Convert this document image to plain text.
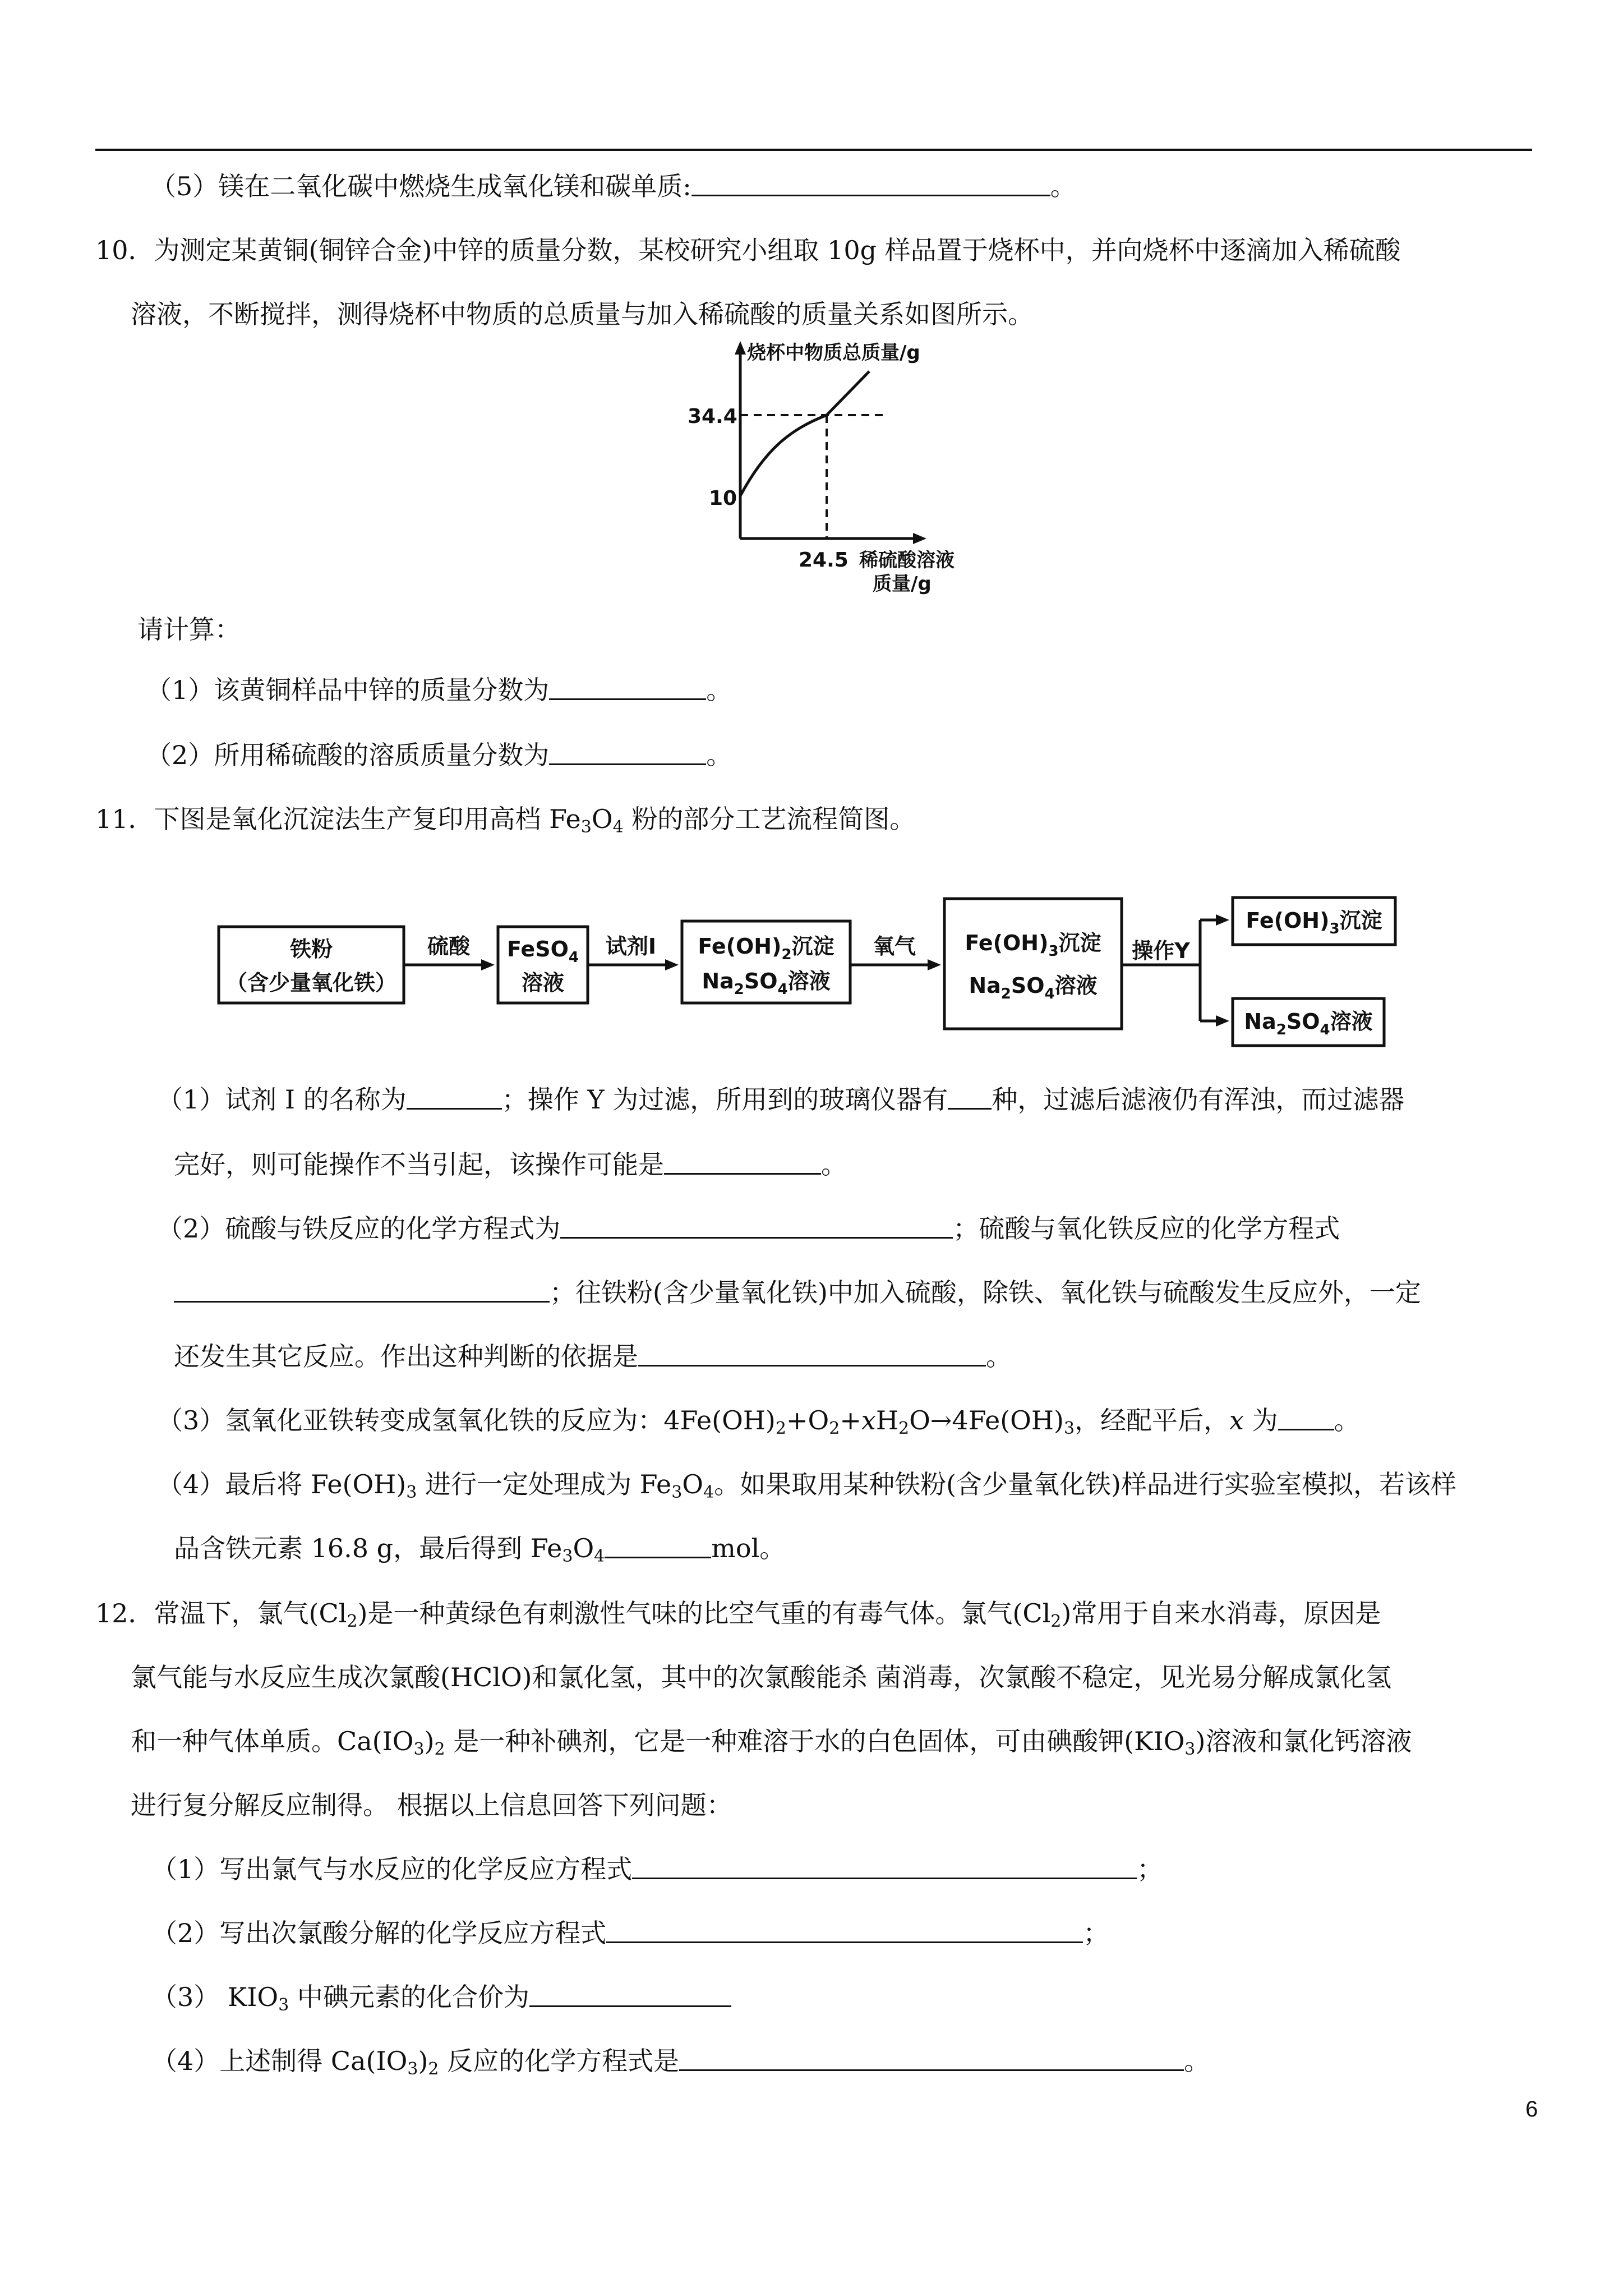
（5）镁在二氧化碳中燃烧生成氧化镁和碳单质:	。
10．为测定某黄铜(铜锌合金)中锌的质量分数，某校研究小组取 10g 样品置于烧杯中，并向烧杯中逐滴加入稀硫酸
溶液，不断搅拌，测得烧杯中物质的总质量与加入稀硫酸的质量关系如图所示。
烧杯中物质总质量/g
34.4
10
24.5 稀硫酸溶液
质量/g
请计算：
（1）该黄铜样品中锌的质量分数为	。
（2）所用稀硫酸的溶质质量分数为	。
11．下图是氧化沉淀法生产复印用高档 $Fe_3O_4$ 粉的部分工艺流程简图。
铁粉
（含少量氧化铁）
硫酸 FeSO$_4$
溶液
试剂I $Fe(OH)_2$沉淀
$Na_2SO_4$溶液
氧气 $Fe(OH)_3$沉淀
$Na_2SO_4$溶液
操作Y
$Fe(OH)_3$沉淀
$Na_2SO_4$溶液
（1）试剂 I 的名称为	；操作 Y 为过滤，所用到的玻璃仪器有 种，过滤后滤液仍有浑浊，而过滤器
完好，则可能操作不当引起，该操作可能是	。
（2）硫酸与铁反应的化学方程式为	；硫酸与氧化铁反应的化学方程式
；往铁粉(含少量氧化铁)中加入硫酸，除铁、氧化铁与硫酸发生反应外，一定
还发生其它反应。作出这种判断的依据是	。
（3）氢氧化亚铁转变成氢氧化铁的反应为：$4Fe(OH)_2+O_2+xH_2O\to 4Fe(OH)_3$，经配平后，x 为 。
（4）最后将 $Fe(OH)_3$ 进行一定处理成为 $Fe_3O_4$。如果取用某种铁粉(含少量氧化铁)样品进行实验室模拟，若该样
品含铁元素 16.8 g，最后得到 $Fe_3O_4$	mol。
12．常温下，氯气$(Cl_2)$是一种黄绿色有刺激性气味的比空气重的有毒气体。氯气$(Cl_2)$常用于自来水消毒，原因是
氯气能与水反应生成次氯酸(HClO)和氯化氢，其中的次氯酸能杀 菌消毒，次氯酸不稳定，见光易分解成氯化氢
和一种气体单质。$Ca(IO_3)_2$ 是一种补碘剂，它是一种难溶于水的白色固体，可由碘酸钾$(KIO_3)$溶液和氯化钙溶液
进行复分解反应制得。 根据以上信息回答下列问题：
（1）写出氯气与水反应的化学反应方程式	；
（2）写出次氯酸分解的化学反应方程式	；
（3） $KIO_3$ 中碘元素的化合价为
（4）上述制得 $Ca(IO_3)_2$ 反应的化学方程式是	。
6
